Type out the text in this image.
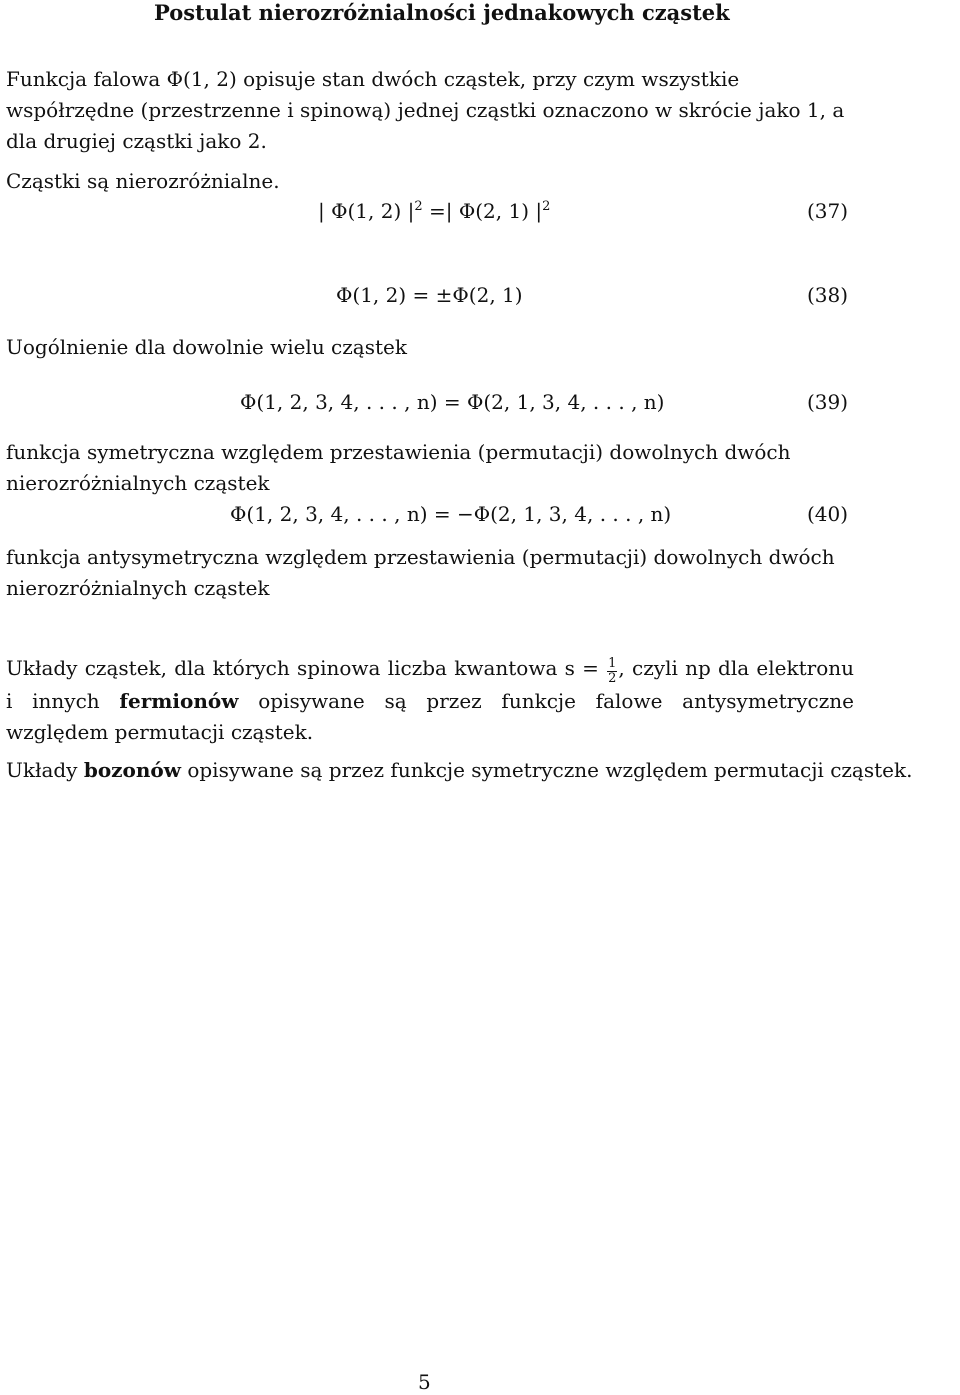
Postulat nierozróżnialności jednakowych cząstek
Funkcja falowa Φ(1, 2) opisuje stan dwóch cząstek, przy czym wszystkie współrzędne (przestrzenne i spinową) jednej cząstki oznaczono w skrócie jako 1, a dla drugiej cząstki jako 2.
Cząstki są nierozróżnialne.
| Φ(1, 2) $|^2$ =| Φ(2, 1) $|^2$	(37)
Φ(1, 2) = ±Φ(2, 1)	(38)
Uogólnienie dla dowolnie wielu cząstek
Φ(1, 2, 3, 4, . . . , n) = Φ(2, 1, 3, 4, . . . , n)	(39)
funkcja symetryczna względem przestawienia (permutacji) dowolnych dwóch nierozróżnialnych cząstek
Φ(1, 2, 3, 4, . . . , n) = −Φ(2, 1, 3, 4, . . . , n)	(40)
funkcja antysymetryczna względem przestawienia (permutacji) dowolnych dwóch nierozróżnialnych cząstek
Układy cząstek, dla których spinowa liczba kwantowa $s = \frac{1}{2}$ , czyli np dla elektronu i innych fermionów opisywane są przez funkcje falowe antysymetryczne względem permutacji cząstek.
Układy bozonów opisywane są przez funkcje symetryczne względem permutacji cząstek.
5
